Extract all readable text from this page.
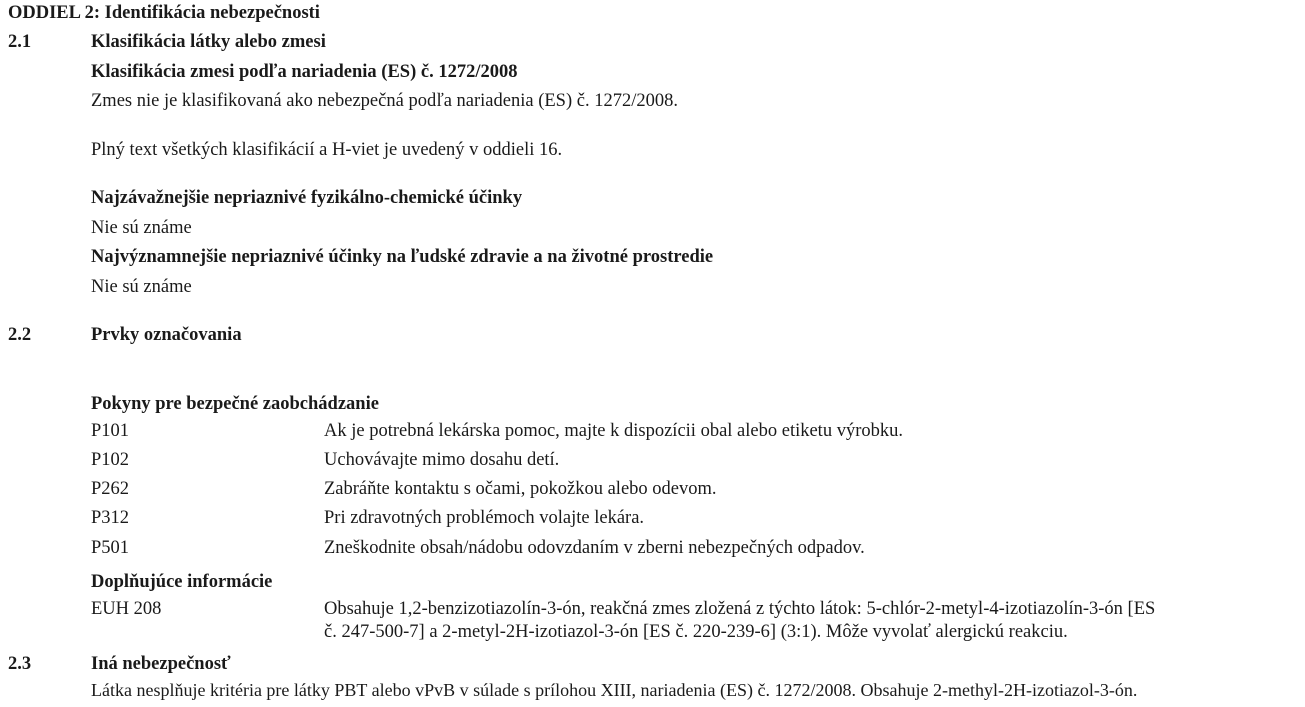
ODDIEL 2: Identifikácia nebezpečnosti
2.1	Klasifikácia látky alebo zmesi
Klasifikácia zmesi podľa nariadenia (ES) č. 1272/2008
Zmes nie je klasifikovaná ako nebezpečná podľa nariadenia (ES) č. 1272/2008.
Plný text všetkých klasifikácií a H-viet je uvedený v oddieli 16.
Najzávažnejšie nepriaznivé fyzikálno-chemické účinky
Nie sú známe
Najvýznamnejšie nepriaznivé účinky na ľudské zdravie a na životné prostredie
Nie sú známe
2.2	Prvky označovania
Pokyny pre bezpečné zaobchádzanie
P101	Ak je potrebná lekárska pomoc, majte k dispozícii obal alebo etiketu výrobku.
P102	Uchovávajte mimo dosahu detí.
P262	Zabráňte kontaktu s očami, pokožkou alebo odevom.
P312	Pri zdravotných problémoch volajte lekára.
P501	Zneškodnite obsah/nádobu odovzdaním v zberni nebezpečných odpadov.
Doplňujúce informácie
EUH 208	Obsahuje 1,2-benzizotiazolín-3-ón, reakčná zmes zložená z týchto látok: 5-chlór-2-metyl-4-izotiazolín-3-ón [ES
č. 247-500-7] a 2-metyl-2H-izotiazol-3-ón [ES č. 220-239-6] (3:1). Môže vyvolať alergickú reakciu.
2.3	Iná nebezpečnosť
Látka nesplňuje kritéria pre látky PBT alebo vPvB v súlade s prílohou XIII, nariadenia (ES) č. 1272/2008. Obsahuje 2-methyl-2H-izotiazol-3-ón.
